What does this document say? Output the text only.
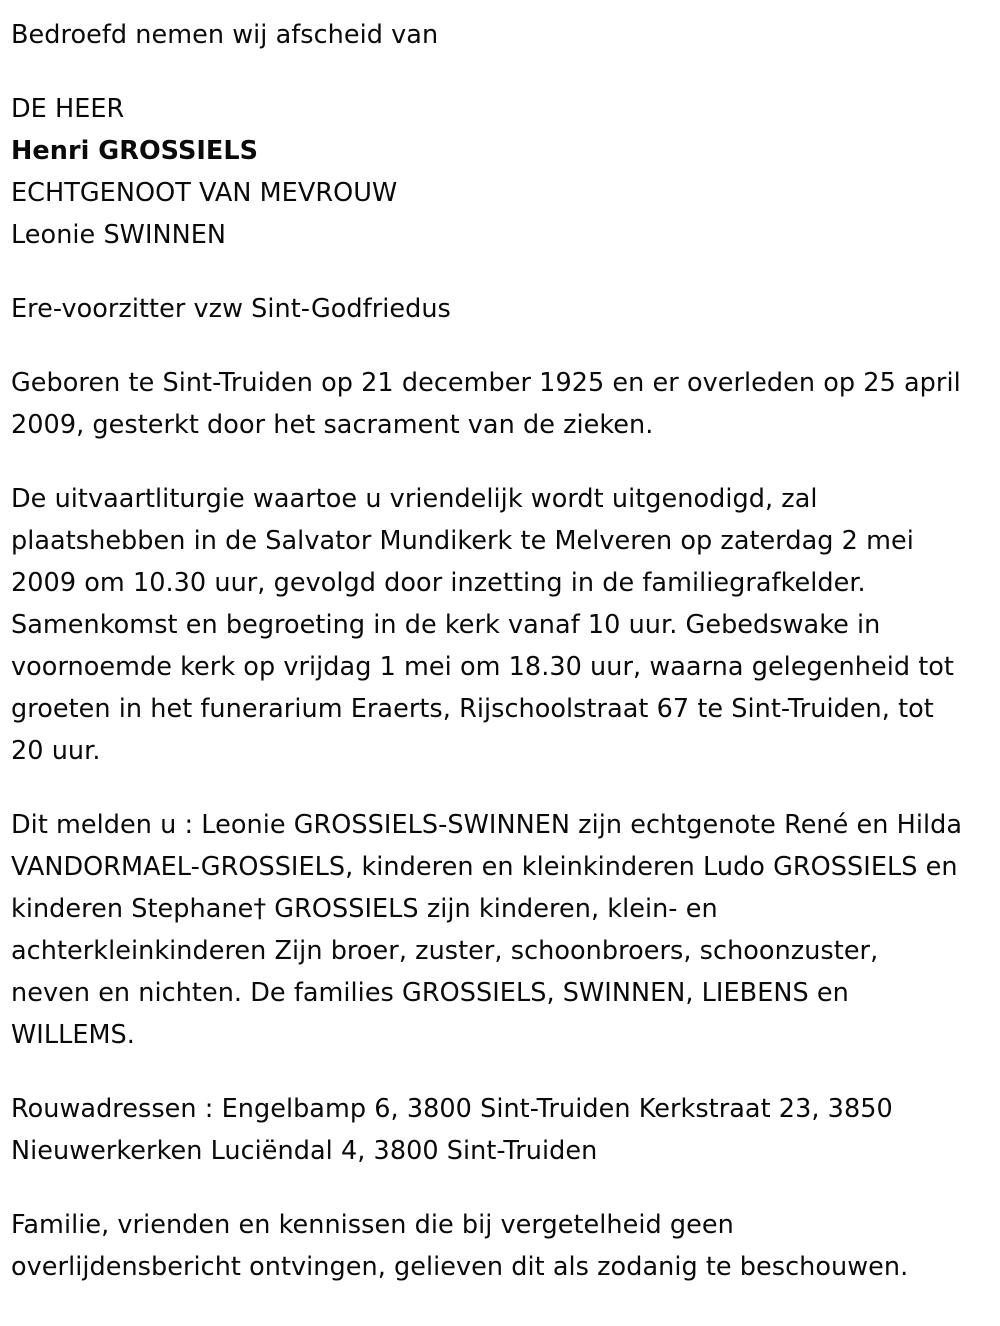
Bedroefd nemen wij afscheid van
DE HEER
Henri GROSSIELS
ECHTGENOOT VAN MEVROUW
Leonie SWINNEN
Ere-voorzitter vzw Sint-Godfriedus
Geboren te Sint-Truiden op 21 december 1925 en er overleden op 25 april 2009, gesterkt door het sacrament van de zieken.
De uitvaartliturgie waartoe u vriendelijk wordt uitgenodigd, zal plaatshebben in de Salvator Mundikerk te Melveren op zaterdag 2 mei 2009 om 10.30 uur, gevolgd door inzetting in de familiegrafkelder. Samenkomst en begroeting in de kerk vanaf 10 uur. Gebedswake in voornoemde kerk op vrijdag 1 mei om 18.30 uur, waarna gelegenheid tot groeten in het funerarium Eraerts, Rijschoolstraat 67 te Sint-Truiden, tot 20 uur.
Dit melden u : Leonie GROSSIELS-SWINNEN zijn echtgenote René en Hilda VANDORMAEL-GROSSIELS, kinderen en kleinkinderen Ludo GROSSIELS en kinderen Stephane† GROSSIELS zijn kinderen, klein- en achterkleinkinderen Zijn broer, zuster, schoonbroers, schoonzuster, neven en nichten. De families GROSSIELS, SWINNEN, LIEBENS en WILLEMS.
Rouwadressen : Engelbamp 6, 3800 Sint-Truiden Kerkstraat 23, 3850 Nieuwerkerken Luciëndal 4, 3800 Sint-Truiden
Familie, vrienden en kennissen die bij vergetelheid geen overlijdensbericht ontvingen, gelieven dit als zodanig te beschouwen.
